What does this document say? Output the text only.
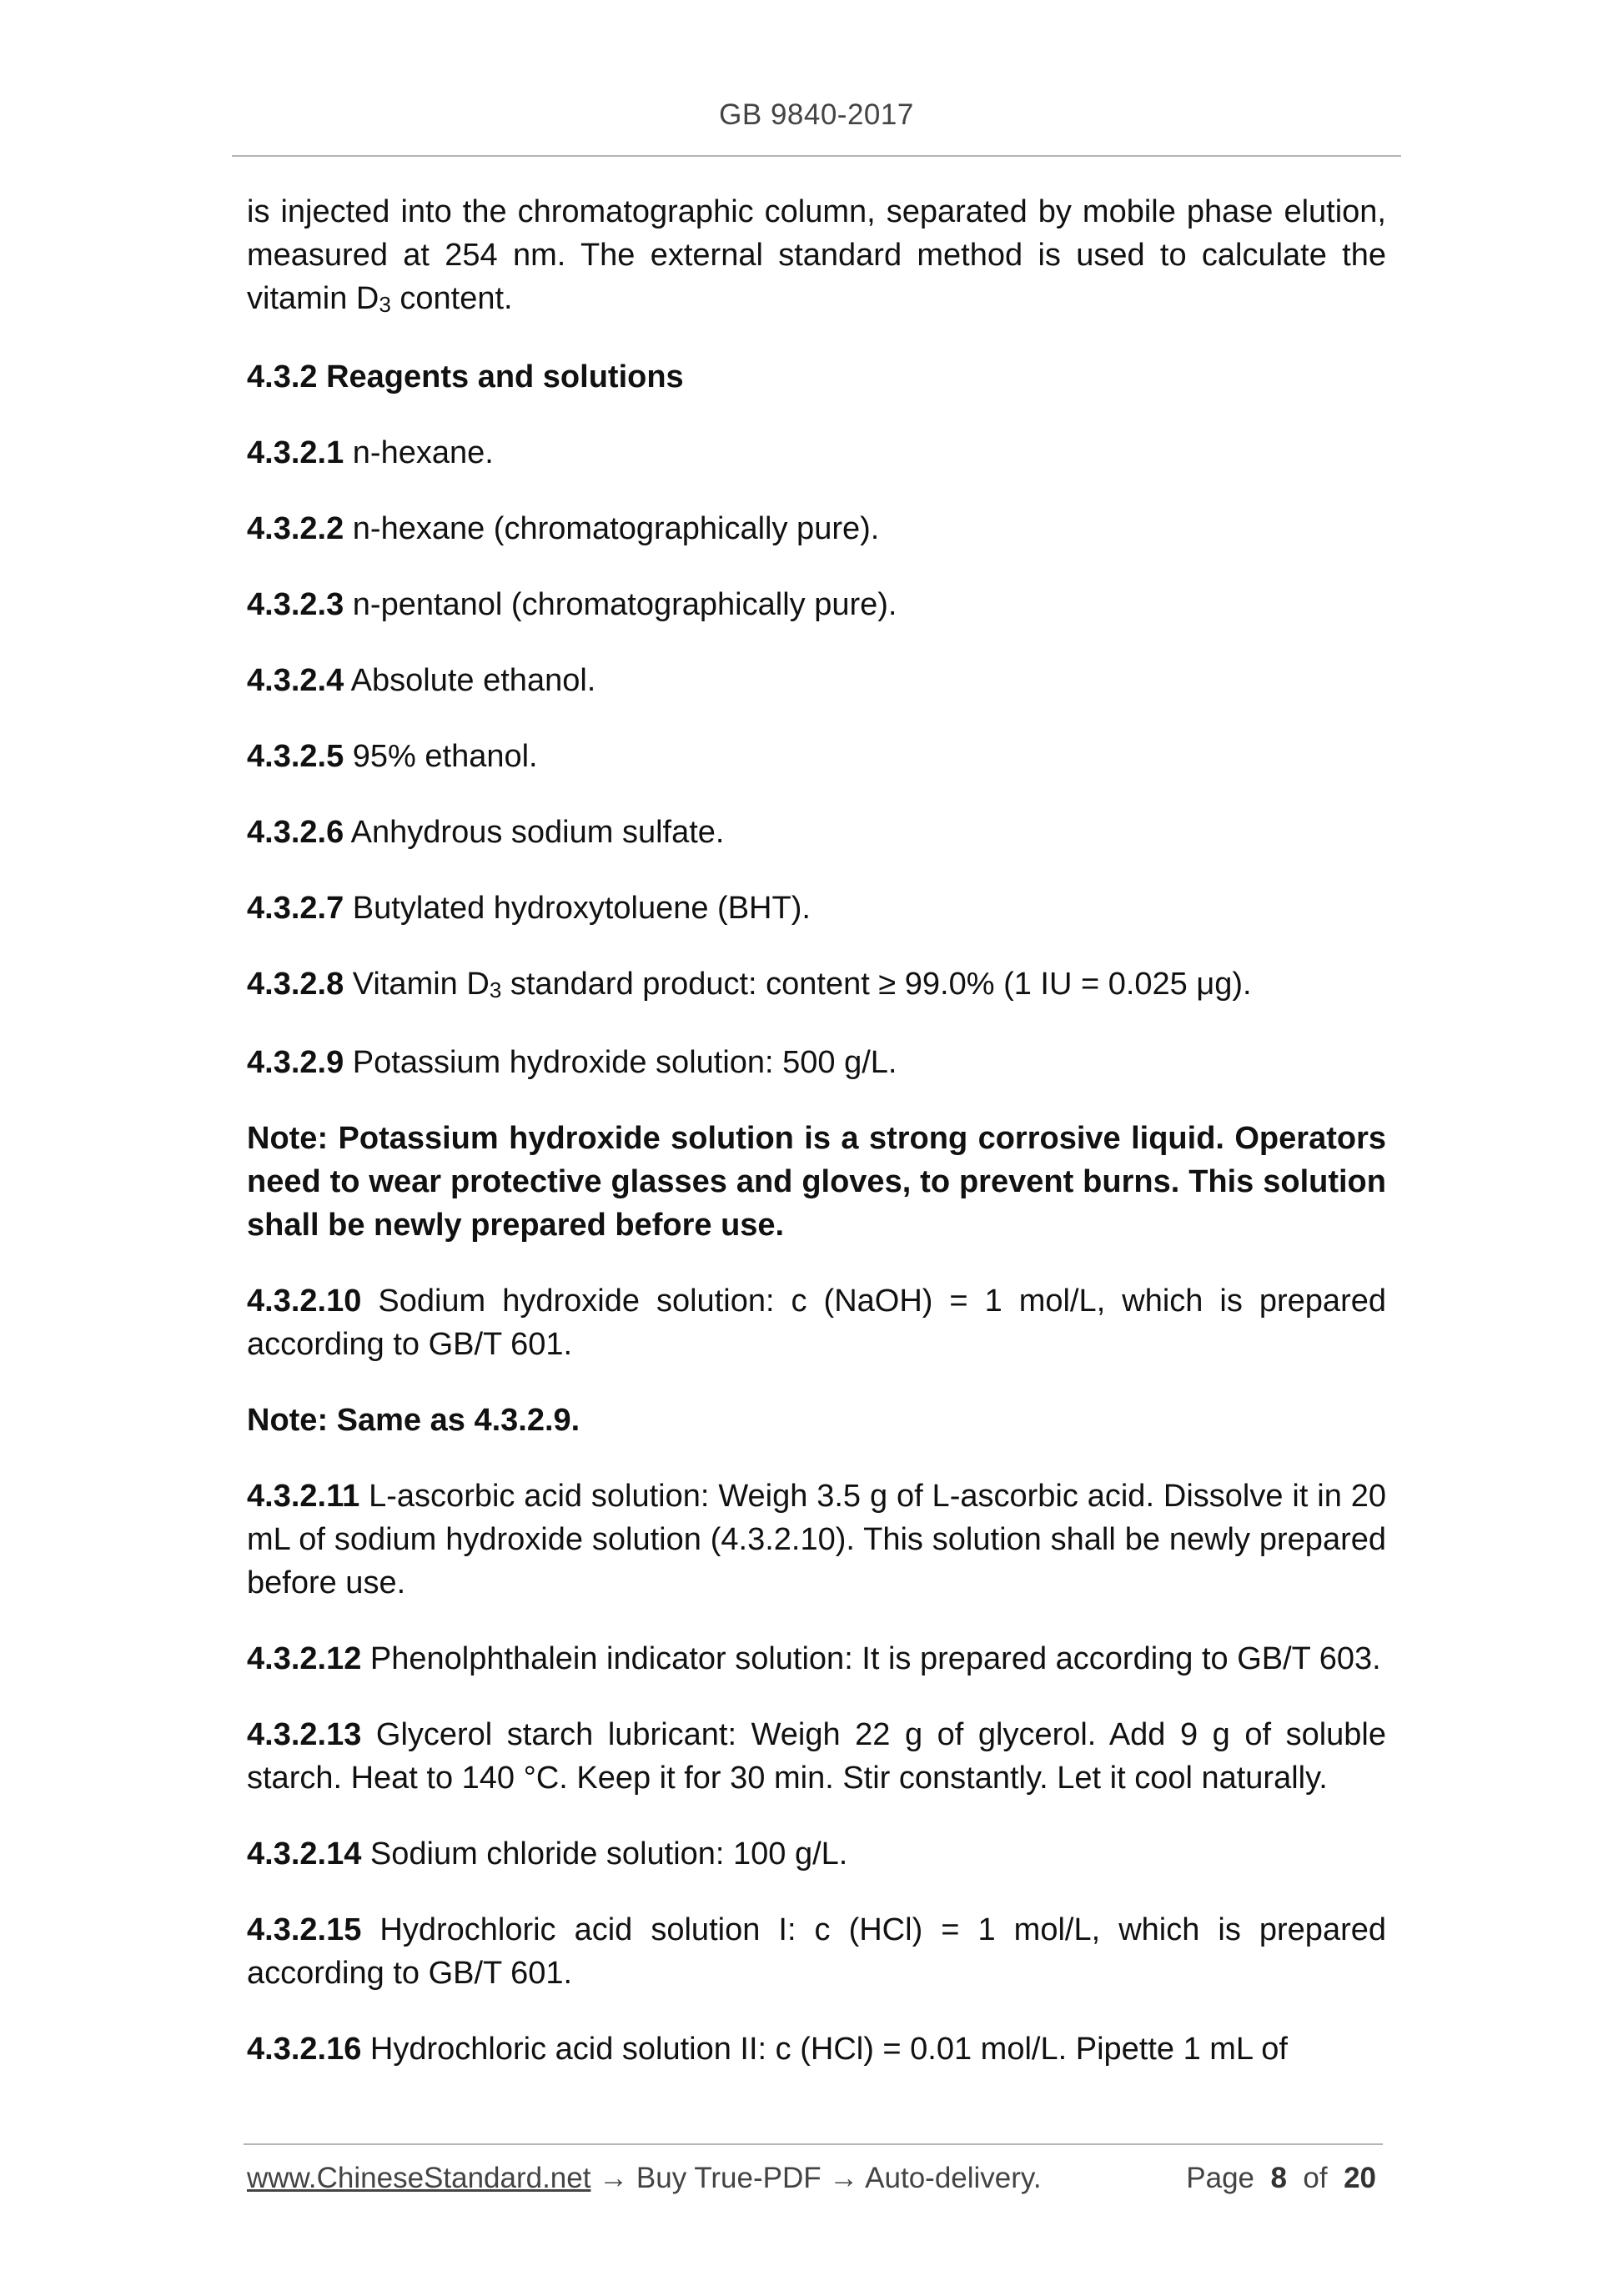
GB 9840-2017

is injected into the chromatographic column, separated by mobile phase elution, measured at 254 nm. The external standard method is used to calculate the vitamin $D_3$ content.

4.3.2 Reagents and solutions

4.3.2.1 n-hexane.

4.3.2.2 n-hexane (chromatographically pure).

4.3.2.3 n-pentanol (chromatographically pure).

4.3.2.4 Absolute ethanol.

4.3.2.5 95% ethanol.

4.3.2.6 Anhydrous sodium sulfate.

4.3.2.7 Butylated hydroxytoluene (BHT).

4.3.2.8 Vitamin $D_3$ standard product: content ≥ 99.0% (1 IU = 0.025 μg).

4.3.2.9 Potassium hydroxide solution: 500 g/L.

Note: Potassium hydroxide solution is a strong corrosive liquid. Operators need to wear protective glasses and gloves, to prevent burns. This solution shall be newly prepared before use.

4.3.2.10 Sodium hydroxide solution: c (NaOH) = 1 mol/L, which is prepared according to GB/T 601.

Note: Same as 4.3.2.9.

4.3.2.11 L-ascorbic acid solution: Weigh 3.5 g of L-ascorbic acid. Dissolve it in 20 mL of sodium hydroxide solution (4.3.2.10). This solution shall be newly prepared before use.

4.3.2.12 Phenolphthalein indicator solution: It is prepared according to GB/T 603.

4.3.2.13 Glycerol starch lubricant: Weigh 22 g of glycerol. Add 9 g of soluble starch. Heat to 140 °C. Keep it for 30 min. Stir constantly. Let it cool naturally.

4.3.2.14 Sodium chloride solution: 100 g/L.

4.3.2.15 Hydrochloric acid solution I: c (HCl) = 1 mol/L, which is prepared according to GB/T 601.

4.3.2.16 Hydrochloric acid solution II: c (HCl) = 0.01 mol/L. Pipette 1 mL of

www.ChineseStandard.net → Buy True-PDF → Auto-delivery.	Page 8 of 20
